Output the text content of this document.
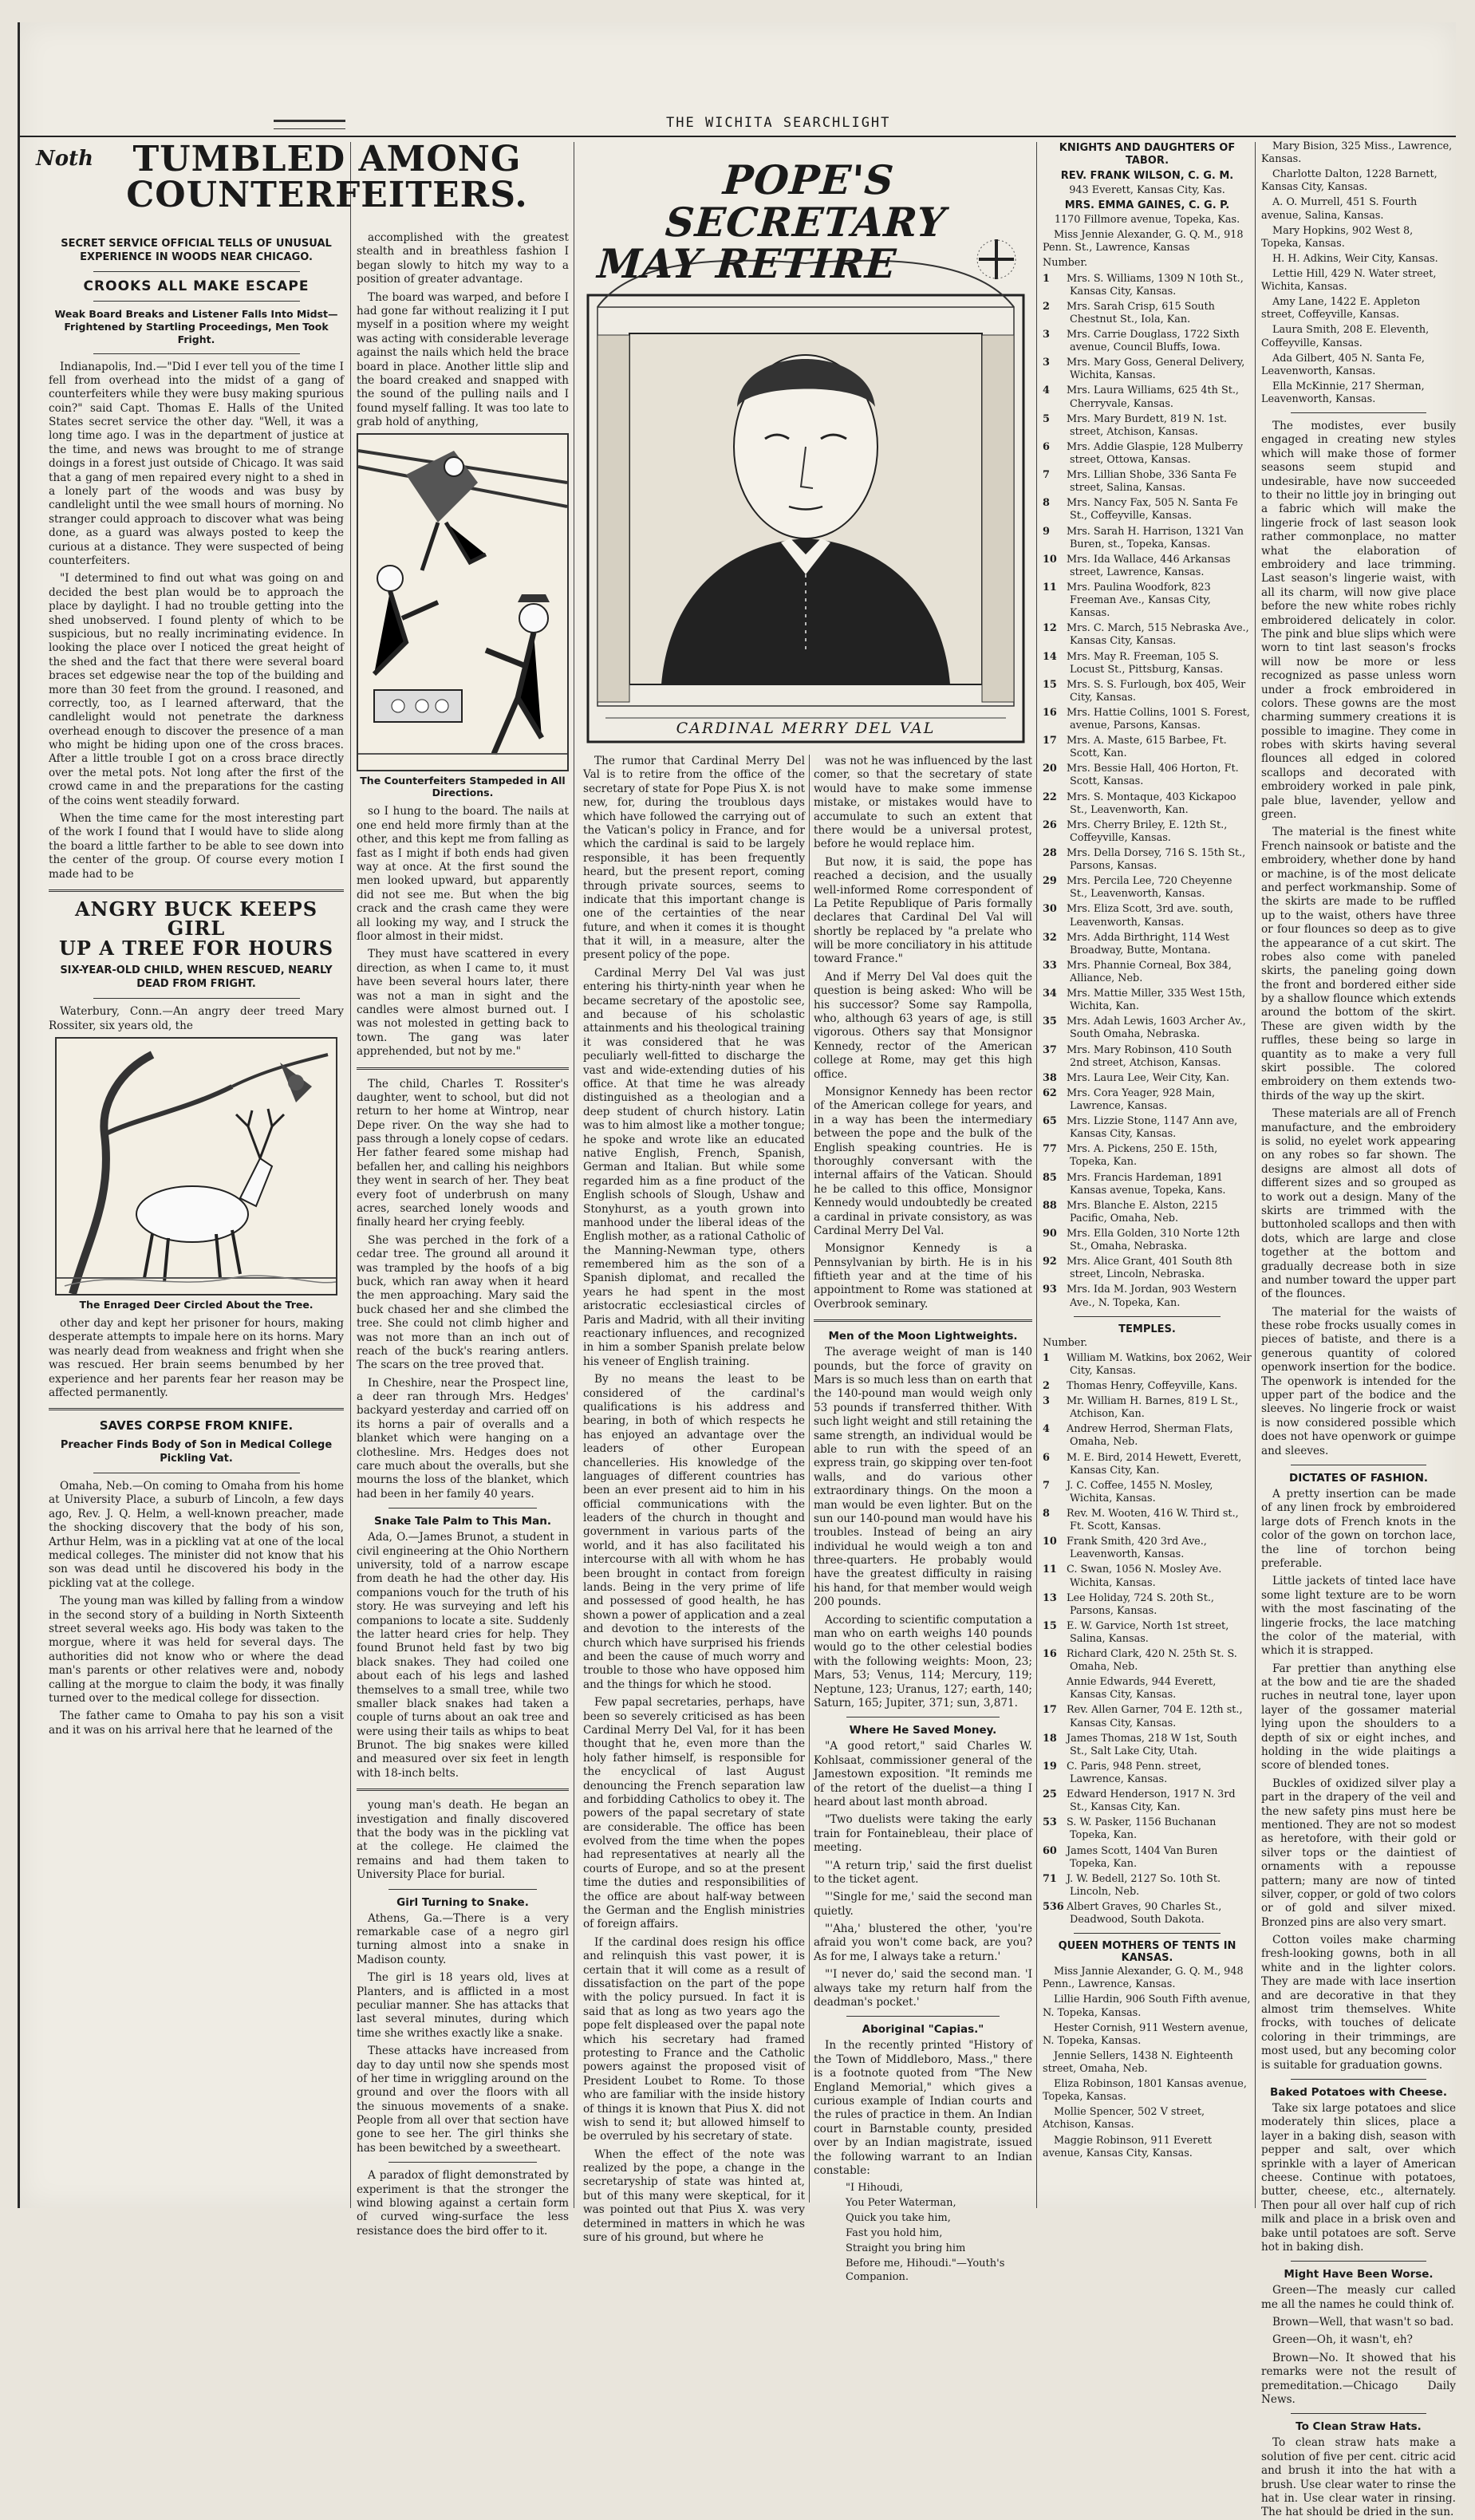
THE WICHITA SEARCHLIGHT
Noth	TUMBLED AMONG
COUNTERFEITERS.
SECRET SERVICE OFFICIAL TELLS OF UNUSUAL EXPERIENCE IN WOODS NEAR CHICAGO.
CROOKS ALL MAKE ESCAPE
Weak Board Breaks and Listener Falls Into Midst—Frightened by Startling Proceedings, Men Took Fright.

Indianapolis, Ind.—"Did I ever tell you of the time I fell from overhead into the midst of a gang of counterfeiters while they were busy making spurious coin?" said Capt. Thomas E. Halls of the United States secret service the other day. "Well, it was a long time ago. I was in the department of justice at the time, and news was brought to me of strange doings in a forest just outside of Chicago. It was said that a gang of men repaired every night to a shed in a lonely part of the woods and was busy by candlelight until the wee small hours of morning. No stranger could approach to discover what was being done, as a guard was always posted to keep the curious at a distance. They were suspected of being counterfeiters.

"I determined to find out what was going on and decided the best plan would be to approach the place by daylight. I had no trouble getting into the shed unobserved. I found plenty of which to be suspicious, but no really incriminating evidence. In looking the place over I noticed the great height of the shed and the fact that there were several board braces set edgewise near the top of the building and more than 30 feet from the ground. I reasoned, and correctly, too, as I learned afterward, that the candlelight would not penetrate the darkness overhead enough to discover the presence of a man who might be hiding upon one of the cross braces. After a little trouble I got on a cross brace directly over the metal pots. Not long after the first of the crowd came in and the preparations for the casting of the coins went steadily forward.

When the time came for the most interesting part of the work I found that I would have to slide along the board a little farther to be able to see down into the center of the group. Of course every motion I made had to be

ANGRY BUCK KEEPS GIRL
UP A TREE FOR HOURS
SIX-YEAR-OLD CHILD, WHEN RESCUED, NEARLY DEAD FROM FRIGHT.

Waterbury, Conn.—An angry deer treed Mary Rossiter, six years old, the

The Enraged Deer Circled About the Tree.

other day and kept her prisoner for hours, making desperate attempts to impale here on its horns. Mary was nearly dead from weakness and fright when she was rescued. Her brain seems benumbed by her experience and her parents fear her reason may be affected permanently.

SAVES CORPSE FROM KNIFE.
Preacher Finds Body of Son in Medical College Pickling Vat.

Omaha, Neb.—On coming to Omaha from his home at University Place, a suburb of Lincoln, a few days ago, Rev. J. Q. Helm, a well-known preacher, made the shocking discovery that the body of his son, Arthur Helm, was in a pickling vat at one of the local medical colleges. The minister did not know that his son was dead until he discovered his body in the pickling vat at the college.

The young man was killed by falling from a window in the second story of a building in North Sixteenth street several weeks ago. His body was taken to the morgue, where it was held for several days. The authorities did not know who or where the dead man's parents or other relatives were and, nobody calling at the morgue to claim the body, it was finally turned over to the medical college for dissection.

The father came to Omaha to pay his son a visit and it was on his arrival here that he learned of the

accomplished with the greatest stealth and in breathless fashion I began slowly to hitch my way to a position of greater advantage.

The board was warped, and before I had gone far without realizing it I put myself in a position where my weight was acting with considerable leverage against the nails which held the brace board in place. Another little slip and the board creaked and snapped with the sound of the pulling nails and I found myself falling. It was too late to grab hold of anything,

The Counterfeiters Stampeded in All Directions.

so I hung to the board. The nails at one end held more firmly than at the other, and this kept me from falling as fast as I might if both ends had given way at once. At the first sound the men looked upward, but apparently did not see me. But when the big crack and the crash came they were all looking my way, and I struck the floor almost in their midst.

They must have scattered in every direction, as when I came to, it must have been several hours later, there was not a man in sight and the candles were almost burned out. I was not molested in getting back to town. The gang was later apprehended, but not by me."

The child, Charles T. Rossiter's daughter, went to school, but did not return to her home at Wintrop, near Depe river. On the way she had to pass through a lonely copse of cedars. Her father feared some mishap had befallen her, and calling his neighbors they went in search of her. They beat every foot of underbrush on many acres, searched lonely woods and finally heard her crying feebly.

She was perched in the fork of a cedar tree. The ground all around it was trampled by the hoofs of a big buck, which ran away when it heard the men approaching. Mary said the buck chased her and she climbed the tree. She could not climb higher and was not more than an inch out of reach of the buck's rearing antlers. The scars on the tree proved that.

In Cheshire, near the Prospect line, a deer ran through Mrs. Hedges' backyard yesterday and carried off on its horns a pair of overalls and a blanket which were hanging on a clothesline. Mrs. Hedges does not care much about the overalls, but she mourns the loss of the blanket, which had been in her family 40 years.

Snake Tale Palm to This Man.

Ada, O.—James Brunot, a student in civil engineering at the Ohio Northern university, told of a narrow escape from death he had the other day. His companions vouch for the truth of his story. He was surveying and left his companions to locate a site. Suddenly the latter heard cries for help. They found Brunot held fast by two big black snakes. They had coiled one about each of his legs and lashed themselves to a small tree, while two smaller black snakes had taken a couple of turns about an oak tree and were using their tails as whips to beat Brunot. The big snakes were killed and measured over six feet in length with 18-inch belts.

young man's death. He began an investigation and finally discovered that the body was in the pickling vat at the college. He claimed the remains and had them taken to University Place for burial.

Girl Turning to Snake.

Athens, Ga.—There is a very remarkable case of a negro girl turning almost into a snake in Madison county.

The girl is 18 years old, lives at Planters, and is afflicted in a most peculiar manner. She has attacks that last several minutes, during which time she writhes exactly like a snake.

These attacks have increased from day to day until now she spends most of her time in wriggling around on the ground and over the floors with all the sinuous movements of a snake. People from all over that section have gone to see her. The girl thinks she has been bewitched by a sweetheart.

A paradox of flight demonstrated by experiment is that the stronger the wind blowing against a certain form of curved wing-surface the less resistance does the bird offer to it.

POPE'S SECRETARY
MAY RETIRE
CARDINAL MERRY DEL VAL

The rumor that Cardinal Merry Del Val is to retire from the office of the secretary of state for Pope Pius X. is not new, for, during the troublous days which have followed the carrying out of the Vatican's policy in France, and for which the cardinal is said to be largely responsible, it has been frequently heard, but the present report, coming through private sources, seems to indicate that this important change is one of the certainties of the near future, and when it comes it is thought that it will, in a measure, alter the present policy of the pope.

Cardinal Merry Del Val was just entering his thirty-ninth year when he became secretary of the apostolic see, and because of his scholastic attainments and his theological training it was considered that he was peculiarly well-fitted to discharge the vast and wide-extending duties of his office. At that time he was already distinguished as a theologian and a deep student of church history. Latin was to him almost like a mother tongue; he spoke and wrote like an educated native English, French, Spanish, German and Italian. But while some regarded him as a fine product of the English schools of Slough, Ushaw and Stonyhurst, as a youth grown into manhood under the liberal ideas of the English mother, as a rational Catholic of the Manning-Newman type, others remembered him as the son of a Spanish diplomat, and recalled the years he had spent in the most aristocratic ecclesiastical circles of Paris and Madrid, with all their inviting reactionary influences, and recognized in him a somber Spanish prelate below his veneer of English training.

By no means the least to be considered of the cardinal's qualifications is his address and bearing, in both of which respects he has enjoyed an advantage over the leaders of other European chancelleries. His knowledge of the languages of different countries has been an ever present aid to him in his official communications with the leaders of the church in thought and government in various parts of the world, and it has also facilitated his intercourse with all with whom he has been brought in contact from foreign lands. Being in the very prime of life and possessed of good health, he has shown a power of application and a zeal and devotion to the interests of the church which have surprised his friends and been the cause of much worry and trouble to those who have opposed him and the things for which he stood.

Few papal secretaries, perhaps, have been so severely criticised as has been Cardinal Merry Del Val, for it has been thought that he, even more than the holy father himself, is responsible for the encyclical of last August denouncing the French separation law and forbidding Catholics to obey it. The powers of the papal secretary of state are considerable. The office has been evolved from the time when the popes had representatives at nearly all the courts of Europe, and so at the present time the duties and responsibilities of the office are about half-way between the German and the English ministries of foreign affairs.

If the cardinal does resign his office and relinquish this vast power, it is certain that it will come as a result of dissatisfaction on the part of the pope with the policy pursued. In fact it is said that as long as two years ago the pope felt displeased over the papal note which his secretary had framed protesting to France and the Catholic powers against the proposed visit of President Loubet to Rome. To those who are familiar with the inside history of things it is known that Pius X. did not wish to send it; but allowed himself to be overruled by his secretary of state.

When the effect of the note was realized by the pope, a change in the secretaryship of state was hinted at, but of this many were skeptical, for it was pointed out that Pius X. was very determined in matters in which he was sure of his ground, but where he

was not he was influenced by the last comer, so that the secretary of state would have to make some immense mistake, or mistakes would have to accumulate to such an extent that there would be a universal protest, before he would replace him.

But now, it is said, the pope has reached a decision, and the usually well-informed Rome correspondent of La Petite Republique of Paris formally declares that Cardinal Del Val will shortly be replaced by "a prelate who will be more conciliatory in his attitude toward France."

And if Merry Del Val does quit the question is being asked: Who will be his successor? Some say Rampolla, who, although 63 years of age, is still vigorous. Others say that Monsignor Kennedy, rector of the American college at Rome, may get this high office.

Monsignor Kennedy has been rector of the American college for years, and in a way has been the intermediary between the pope and the bulk of the English speaking countries. He is thoroughly conversant with the internal affairs of the Vatican. Should he be called to this office, Monsignor Kennedy would undoubtedly be created a cardinal in private consistory, as was Cardinal Merry Del Val.

Monsignor Kennedy is a Pennsylvanian by birth. He is in his fiftieth year and at the time of his appointment to Rome was stationed at Overbrook seminary.

Men of the Moon Lightweights.

The average weight of man is 140 pounds, but the force of gravity on Mars is so much less than on earth that the 140-pound man would weigh only 53 pounds if transferred thither. With such light weight and still retaining the same strength, an individual would be able to run with the speed of an express train, go skipping over ten-foot walls, and do various other extraordinary things. On the moon a man would be even lighter. But on the sun our 140-pound man would have his troubles. Instead of being an airy individual he would weigh a ton and three-quarters. He probably would have the greatest difficulty in raising his hand, for that member would weigh 200 pounds.

According to scientific computation a man who on earth weighs 140 pounds would go to the other celestial bodies with the following weights: Moon, 23; Mars, 53; Venus, 114; Mercury, 119; Neptune, 123; Uranus, 127; earth, 140; Saturn, 165; Jupiter, 371; sun, 3,871.

Where He Saved Money.

"A good retort," said Charles W. Kohlsaat, commissioner general of the Jamestown exposition. "It reminds me of the retort of the duelist—a thing I heard about last month abroad.

"Two duelists were taking the early train for Fontainebleau, their place of meeting.

"'A return trip,' said the first duelist to the ticket agent.

"'Single for me,' said the second man quietly.

"'Aha,' blustered the other, 'you're afraid you won't come back, are you? As for me, I always take a return.'

"'I never do,' said the second man. 'I always take my return half from the deadman's pocket.'

Aboriginal "Capias."

In the recently printed "History of the Town of Middleboro, Mass.," there is a footnote quoted from "The New England Memorial," which gives a curious example of Indian courts and the rules of practice in them. An Indian court in Barnstable county, presided over by an Indian magistrate, issued the following warrant to an Indian constable:

"I Hihoudi,
You Peter Waterman,
Quick you take him,
Fast you hold him,
Straight you bring him
Before me, Hihoudi."—Youth's Companion.
KNIGHTS AND DAUGHTERS OF TABOR.
REV. FRANK WILSON, C. G. M.
943 Everett, Kansas City, Kas.
MRS. EMMA GAINES, C. G. P.
1170 Fillmore avenue, Topeka, Kas.
Miss Jennie Alexander, G. Q. M., 918 Penn. St., Lawrence, Kansas
Number.
1 Mrs. S. Williams, 1309 N 10th St., Kansas City, Kansas.
2 Mrs. Sarah Crisp, 615 South Chestnut St., Iola, Kan.
3 Mrs. Carrie Douglass, 1722 Sixth avenue, Council Bluffs, Iowa.
3 Mrs. Mary Goss, General Delivery, Wichita, Kansas.
4 Mrs. Laura Williams, 625 4th St., Cherryvale, Kansas.
5 Mrs. Mary Burdett, 819 N. 1st. street, Atchison, Kansas.
6 Mrs. Addie Glaspie, 128 Mulberry street, Ottowa, Kansas.
7 Mrs. Lillian Shobe, 336 Santa Fe street, Salina, Kansas.
8 Mrs. Nancy Fax, 505 N. Santa Fe St., Coffeyville, Kansas.
9 Mrs. Sarah H. Harrison, 1321 Van Buren, st., Topeka, Kansas.
10 Mrs. Ida Wallace, 446 Arkansas street, Lawrence, Kansas.
11 Mrs. Paulina Woodfork, 823 Freeman Ave., Kansas City, Kansas.
12 Mrs. C. March, 515 Nebraska Ave., Kansas City, Kansas.
14 Mrs. May R. Freeman, 105 S. Locust St., Pittsburg, Kansas.
15 Mrs. S. S. Furlough, box 405, Weir City, Kansas.
16 Mrs. Hattie Collins, 1001 S. Forest, avenue, Parsons, Kansas.
17 Mrs. A. Maste, 615 Barbee, Ft. Scott, Kan.
20 Mrs. Bessie Hall, 406 Horton, Ft. Scott, Kansas.
22 Mrs. S. Montaque, 403 Kickapoo St., Leavenworth, Kan.
26 Mrs. Cherry Briley, E. 12th St., Coffeyville, Kansas.
28 Mrs. Della Dorsey, 716 S. 15th St., Parsons, Kansas.
29 Mrs. Percila Lee, 720 Cheyenne St., Leavenworth, Kansas.
30 Mrs. Eliza Scott, 3rd ave. south, Leavenworth, Kansas.
32 Mrs. Adda Birthright, 114 West Broadway, Butte, Montana.
33 Mrs. Phannie Corneal, Box 384, Alliance, Neb.
34 Mrs. Mattie Miller, 335 West 15th, Wichita, Kan.
35 Mrs. Adah Lewis, 1603 Archer Av., South Omaha, Nebraska.
37 Mrs. Mary Robinson, 410 South 2nd street, Atchison, Kansas.
38 Mrs. Laura Lee, Weir City, Kan.
62 Mrs. Cora Yeager, 928 Main, Lawrence, Kansas.
65 Mrs. Lizzie Stone, 1147 Ann ave, Kansas City, Kansas.
77 Mrs. A. Pickens, 250 E. 15th, Topeka, Kan.
85 Mrs. Francis Hardeman, 1891 Kansas avenue, Topeka, Kans.
88 Mrs. Blanche E. Alston, 2215 Pacific, Omaha, Neb.
90 Mrs. Ella Golden, 310 Norte 12th St., Omaha, Nebraska.
92 Mrs. Alice Grant, 401 South 8th street, Lincoln, Nebraska.
93 Mrs. Ida M. Jordan, 903 Western Ave., N. Topeka, Kan.
TEMPLES.
Number.
1 William M. Watkins, box 2062, Weir City, Kansas.
2 Thomas Henry, Coffeyville, Kans.
3 Mr. William H. Barnes, 819 L St., Atchison, Kan.
4 Andrew Herrod, Sherman Flats, Omaha, Neb.
6 M. E. Bird, 2014 Hewett, Everett, Kansas City, Kan.
7 J. C. Coffee, 1455 N. Mosley, Wichita, Kansas.
8 Rev. M. Wooten, 416 W. Third st., Ft. Scott, Kansas.
10 Frank Smith, 420 3rd Ave., Leavenworth, Kansas.
11 C. Swan, 1056 N. Mosley Ave. Wichita, Kansas.
13 Lee Holiday, 724 S. 20th St., Parsons, Kansas.
15 E. W. Garvice, North 1st street, Salina, Kansas.
16 Richard Clark, 420 N. 25th St. S. Omaha, Neb.
Annie Edwards, 944 Everett, Kansas City, Kansas.
17 Rev. Allen Garner, 704 E. 12th st., Kansas City, Kansas.
18 James Thomas, 218 W 1st, South St., Salt Lake City, Utah.
19 C. Paris, 948 Penn. street, Lawrence, Kansas.
25 Edward Henderson, 1917 N. 3rd St., Kansas City, Kan.
53 S. W. Pasker, 1156 Buchanan Topeka, Kan.
60 James Scott, 1404 Van Buren Topeka, Kan.
71 J. W. Bedell, 2127 So. 10th St. Lincoln, Neb.
536 Albert Graves, 90 Charles St., Deadwood, South Dakota.
QUEEN MOTHERS OF TENTS IN KANSAS.
Miss Jannie Alexander, G. Q. M., 948 Penn., Lawrence, Kansas.
Lillie Hardin, 906 South Fifth avenue, N. Topeka, Kansas.
Hester Cornish, 911 Western avenue, N. Topeka, Kansas.
Jennie Sellers, 1438 N. Eighteenth street, Omaha, Neb.
Eliza Robinson, 1801 Kansas avenue, Topeka, Kansas.
Mollie Spencer, 502 V street, Atchison, Kansas.
Maggie Robinson, 911 Everett avenue, Kansas City, Kansas.
Mary Bision, 325 Miss., Lawrence, Kansas.
Charlotte Dalton, 1228 Barnett, Kansas City, Kansas.
A. O. Murrell, 451 S. Fourth avenue, Salina, Kansas.
Mary Hopkins, 902 West 8, Topeka, Kansas.
H. H. Adkins, Weir City, Kansas.
Lettie Hill, 429 N. Water street, Wichita, Kansas.
Amy Lane, 1422 E. Appleton street, Coffeyville, Kansas.
Laura Smith, 208 E. Eleventh, Coffeyville, Kansas.
Ada Gilbert, 405 N. Santa Fe, Leavenworth, Kansas.
Ella McKinnie, 217 Sherman, Leavenworth, Kansas.

The modistes, ever busily engaged in creating new styles which will make those of former seasons seem stupid and undesirable, have now succeeded to their no little joy in bringing out a fabric which will make the lingerie frock of last season look rather commonplace, no matter what the elaboration of embroidery and lace trimming. Last season's lingerie waist, with all its charm, will now give place before the new white robes richly embroidered delicately in color. The pink and blue slips which were worn to tint last season's frocks will now be more or less recognized as passe unless worn under a frock embroidered in colors. These gowns are the most charming summery creations it is possible to imagine. They come in robes with skirts having several flounces all edged in colored scallops and decorated with embroidery worked in pale pink, pale blue, lavender, yellow and green.

The material is the finest white French nainsook or batiste and the embroidery, whether done by hand or machine, is of the most delicate and perfect workmanship. Some of the skirts are made to be ruffled up to the waist, others have three or four flounces so deep as to give the appearance of a cut skirt. The robes also come with paneled skirts, the paneling going down the front and bordered either side by a shallow flounce which extends around the bottom of the skirt. These are given width by the ruffles, these being so large in quantity as to make a very full skirt possible. The colored embroidery on them extends two-thirds of the way up the skirt.

These materials are all of French manufacture, and the embroidery is solid, no eyelet work appearing on any robes so far shown. The designs are almost all dots of different sizes and so grouped as to work out a design. Many of the skirts are trimmed with the buttonholed scallops and then with dots, which are large and close together at the bottom and gradually decrease both in size and number toward the upper part of the flounces.

The material for the waists of these robe frocks usually comes in pieces of batiste, and there is a generous quantity of colored openwork insertion for the bodice. The openwork is intended for the upper part of the bodice and the sleeves. No lingerie frock or waist is now considered possible which does not have openwork or guimpe and sleeves.

DICTATES OF FASHION.

A pretty insertion can be made of any linen frock by embroidered large dots of French knots in the color of the gown on torchon lace, the line of torchon being preferable.

Little jackets of tinted lace have some light texture are to be worn with the most fascinating of the lingerie frocks, the lace matching the color of the material, with which it is strapped.

Far prettier than anything else at the bow and tie are the shaded ruches in neutral tone, layer upon layer of the gossamer material lying upon the shoulders to a depth of six or eight inches, and holding in the wide plaitings a score of blended tones.

Buckles of oxidized silver play a part in the drapery of the veil and the new safety pins must here be mentioned. They are not so modest as heretofore, with their gold or silver tops or the daintiest of ornaments with a repousse pattern; many are now of tinted silver, copper, or gold of two colors or of gold and silver mixed. Bronzed pins are also very smart.

Cotton voiles make charming fresh-looking gowns, both in all white and in the lighter colors. They are made with lace insertion and are decorative in that they almost trim themselves. White frocks, with touches of delicate coloring in their trimmings, are most used, but any becoming color is suitable for graduation gowns.

Baked Potatoes with Cheese.

Take six large potatoes and slice moderately thin slices, place a layer in a baking dish, season with pepper and salt, over which sprinkle with a layer of American cheese. Continue with potatoes, butter, cheese, etc., alternately. Then pour all over half cup of rich milk and place in a brisk oven and bake until potatoes are soft. Serve hot in baking dish.

Might Have Been Worse.

Green—The measly cur called me all the names he could think of.

Brown—Well, that wasn't so bad.

Green—Oh, it wasn't, eh?

Brown—No. It showed that his remarks were not the result of premeditation.—Chicago Daily News.

To Clean Straw Hats.

To clean straw hats make a solution of five per cent. citric acid and brush it into the hat with a brush. Use clear water to rinse the hat in. Use clear water in rinsing. The hat should be dried in the sun.
